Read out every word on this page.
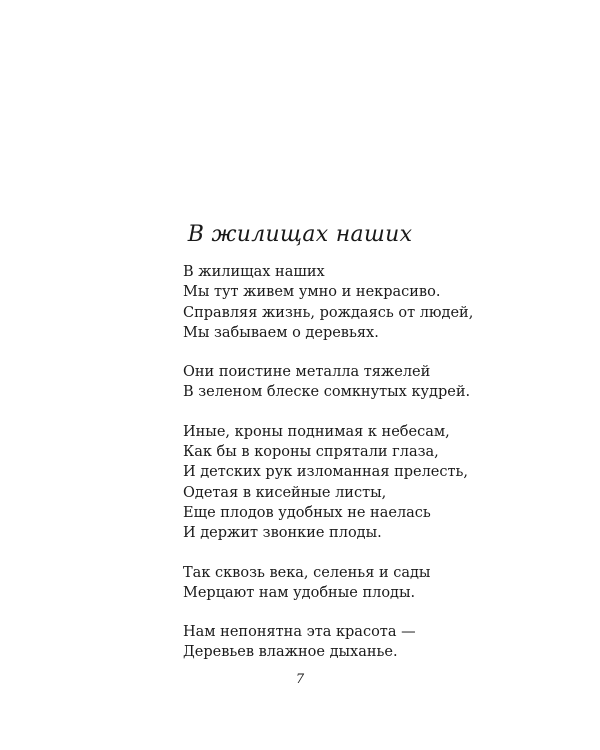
В жилищах наших
В жилищах наших
Мы тут живем умно и некрасиво.
Справляя жизнь, рождаясь от людей,
Мы забываем о деревьях.
Они поистине металла тяжелей
В зеленом блеске сомкнутых кудрей.
Иные, кроны поднимая к небесам,
Как бы в короны спрятали глаза,
И детских рук изломанная прелесть,
Одетая в кисейные листы,
Еще плодов удобных не наелась
И держит звонкие плоды.
Так сквозь века, селенья и сады
Мерцают нам удобные плоды.
Нам непонятна эта красота —
Деревьев влажное дыханье.
7
